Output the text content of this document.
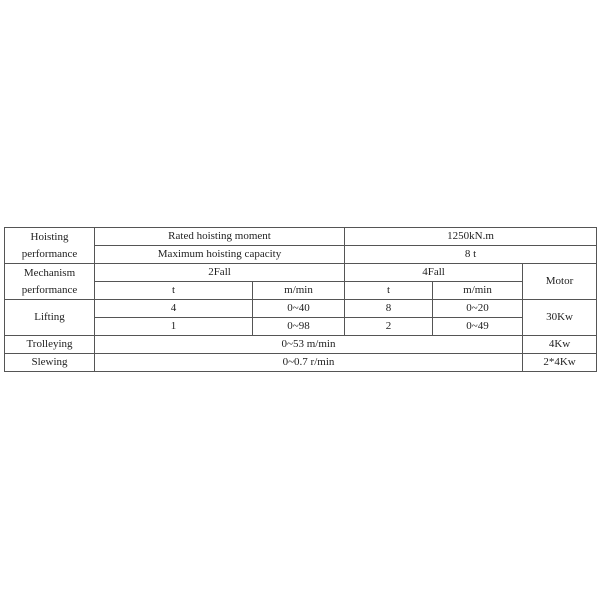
Hoisting
performance	Rated hoisting moment		1250kN.m		
	Maximum hoisting capacity		8 t		

Mechanism
performance	2Fall		4Fall		Motor
	t	m/min	t	m/min	
Lifting	4	0~40	8	0~20	30Kw
	1	0~98	2	0~49	
Trolleying	0~53 m/min				4Kw
Slewing	0~0.7 r/min				2*4Kw
